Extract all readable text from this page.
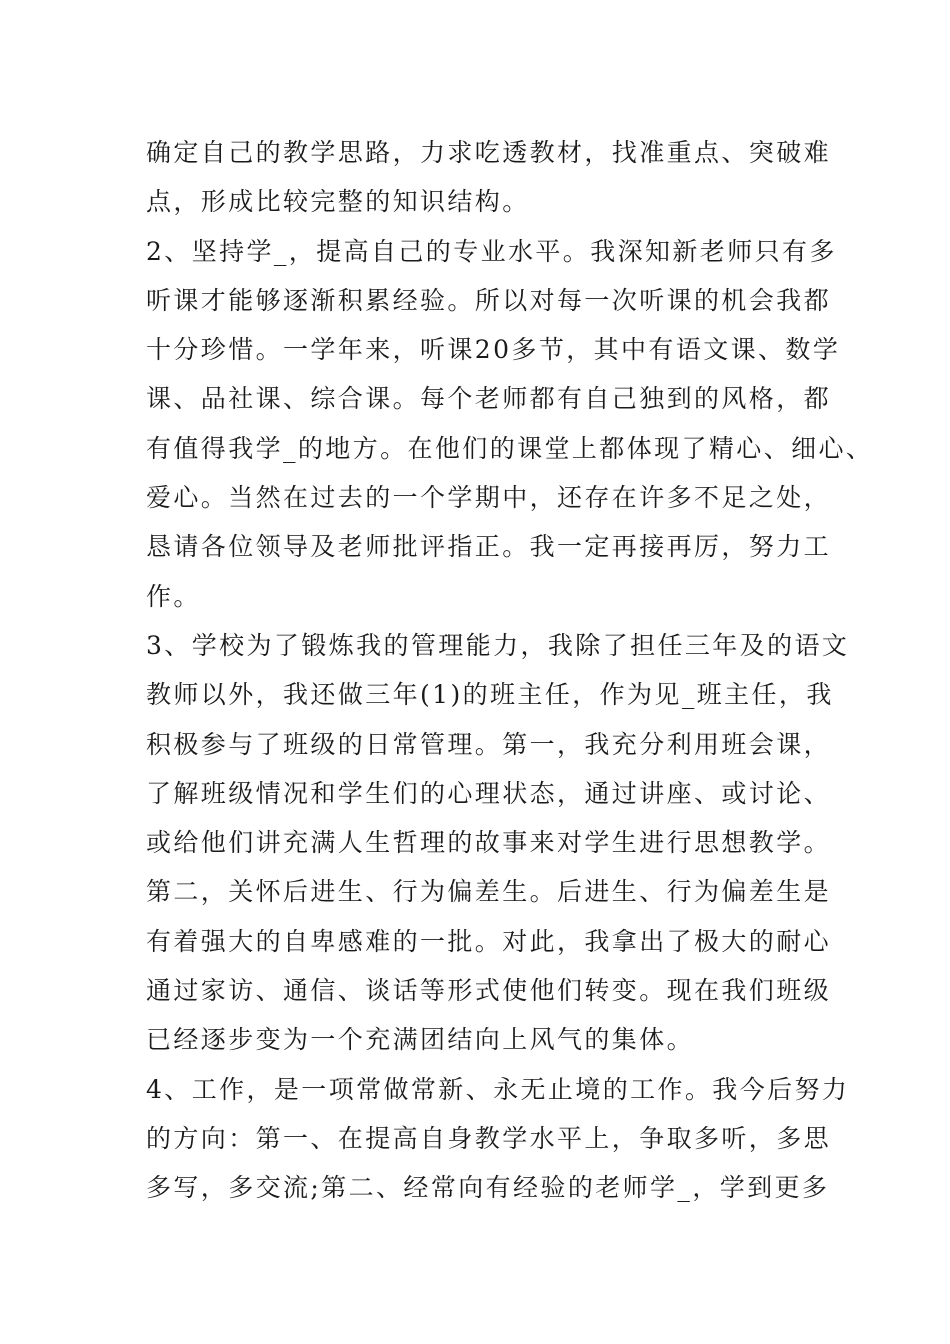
确定自己的教学思路，力求吃透教材，找准重点、突破难
点，形成比较完整的知识结构。
2、坚持学_，提高自己的专业水平。我深知新老师只有多
听课才能够逐渐积累经验。所以对每一次听课的机会我都
十分珍惜。一学年来，听课20多节，其中有语文课、数学
课、品社课、综合课。每个老师都有自己独到的风格，都
有值得我学_的地方。在他们的课堂上都体现了精心、细心、
爱心。当然在过去的一个学期中，还存在许多不足之处，
恳请各位领导及老师批评指正。我一定再接再厉，努力工
作。
3、学校为了锻炼我的管理能力，我除了担任三年及的语文
教师以外，我还做三年(1)的班主任，作为见_班主任，我
积极参与了班级的日常管理。第一，我充分利用班会课，
了解班级情况和学生们的心理状态，通过讲座、或讨论、
或给他们讲充满人生哲理的故事来对学生进行思想教学。
第二，关怀后进生、行为偏差生。后进生、行为偏差生是
有着强大的自卑感难的一批。对此，我拿出了极大的耐心
通过家访、通信、谈话等形式使他们转变。现在我们班级
已经逐步变为一个充满团结向上风气的集体。
4、工作，是一项常做常新、永无止境的工作。我今后努力
的方向：第一、在提高自身教学水平上，争取多听，多思
多写，多交流;第二、经常向有经验的老师学_，学到更多
